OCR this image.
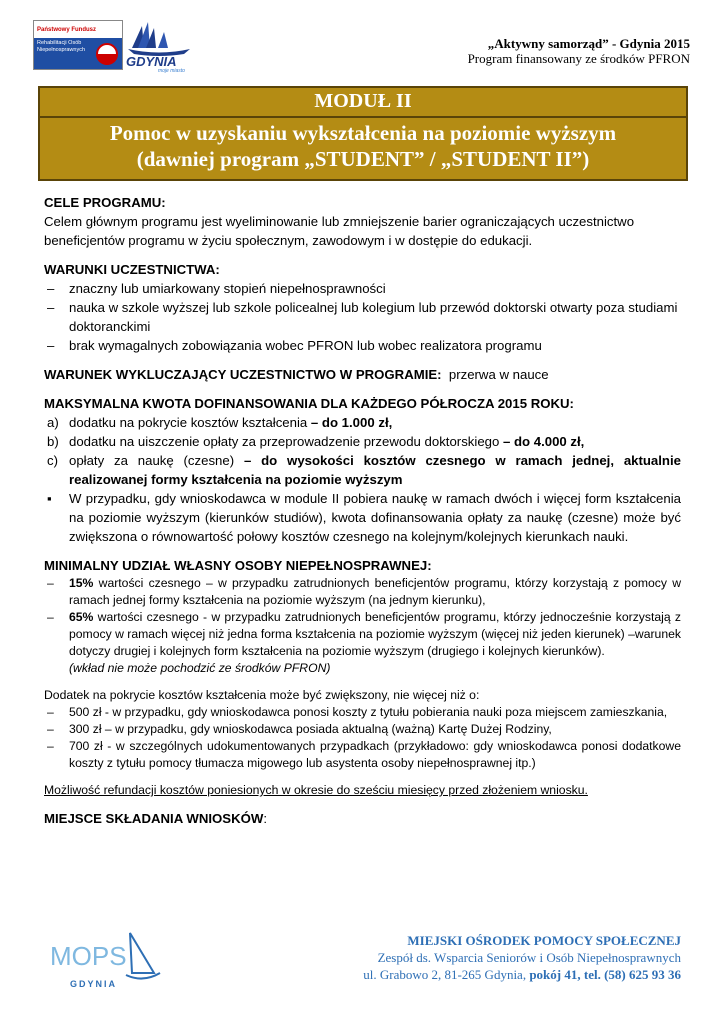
Państwowy Fundusz
Rehabilitacji Osób
Niepełnosprawnych
GDYNIA
moje miasto
„Aktywny samorząd” - Gdynia 2015
Program finansowany ze środków PFRON
MODUŁ II
Pomoc w uzyskaniu wykształcenia na poziomie wyższym
(dawniej program „STUDENT” / „STUDENT II”)

CELE PROGRAMU:

Celem głównym programu jest wyeliminowanie lub zmniejszenie barier ograniczających uczestnictwo beneficjentów programu w życiu społecznym, zawodowym i w dostępie do edukacji.

WARUNKI UCZESTNICTWA:

– znaczny lub umiarkowany stopień niepełnosprawności
– nauka w szkole wyższej lub szkole policealnej lub kolegium lub przewód doktorski otwarty poza studiami doktoranckimi
– brak wymagalnych zobowiązania wobec PFRON lub wobec realizatora programu

WARUNEK WYKLUCZAJĄCY UCZESTNICTWO W PROGRAMIE: przerwa w nauce

MAKSYMALNA KWOTA DOFINANSOWANIA DLA KAŻDEGO PÓŁROCZA 2015 ROKU:

a) dodatku na pokrycie kosztów kształcenia – do 1.000 zł,
b) dodatku na uiszczenie opłaty za przeprowadzenie przewodu doktorskiego – do 4.000 zł,
c) opłaty za naukę (czesne) – do wysokości kosztów czesnego w ramach jednej, aktualnie realizowanej formy kształcenia na poziomie wyższym
▪ W przypadku, gdy wnioskodawca w module II pobiera naukę w ramach dwóch i więcej form kształcenia na poziomie wyższym (kierunków studiów), kwota dofinansowania opłaty za naukę (czesne) może być zwiększona o równowartość połowy kosztów czesnego na kolejnym/kolejnych kierunkach nauki.

MINIMALNY UDZIAŁ WŁASNY OSOBY NIEPEŁNOSPRAWNEJ:

– 15% wartości czesnego – w przypadku zatrudnionych beneficjentów programu, którzy korzystają z pomocy w ramach jednej formy kształcenia na poziomie wyższym (na jednym kierunku),
– 65% wartości czesnego - w przypadku zatrudnionych beneficjentów programu, którzy jednocześnie korzystają z pomocy w ramach więcej niż jedna forma kształcenia na poziomie wyższym (więcej niż jeden kierunek) –warunek dotyczy drugiej i kolejnych form kształcenia na poziomie wyższym (drugiego i kolejnych kierunków).
(wkład nie może pochodzić ze środków PFRON)

Dodatek na pokrycie kosztów kształcenia może być zwiększony, nie więcej niż o:

– 500 zł - w przypadku, gdy wnioskodawca ponosi koszty z tytułu pobierania nauki poza miejscem zamieszkania,
– 300 zł – w przypadku, gdy wnioskodawca posiada aktualną (ważną) Kartę Dużej Rodziny,
– 700 zł - w szczególnych udokumentowanych przypadkach (przykładowo: gdy wnioskodawca ponosi dodatkowe koszty z tytułu pomocy tłumacza migowego lub asystenta osoby niepełnosprawnej itp.)

Możliwość refundacji kosztów poniesionych w okresie do sześciu miesięcy przed złożeniem wniosku.

MIEJSCE SKŁADANIA WNIOSKÓW:

MOPS
GDYNIA
MIEJSKI OŚRODEK POMOCY SPOŁECZNEJ
Zespół ds. Wsparcia Seniorów i Osób Niepełnosprawnych
ul. Grabowo 2, 81-265 Gdynia, pokój 41, tel. (58) 625 93 36
